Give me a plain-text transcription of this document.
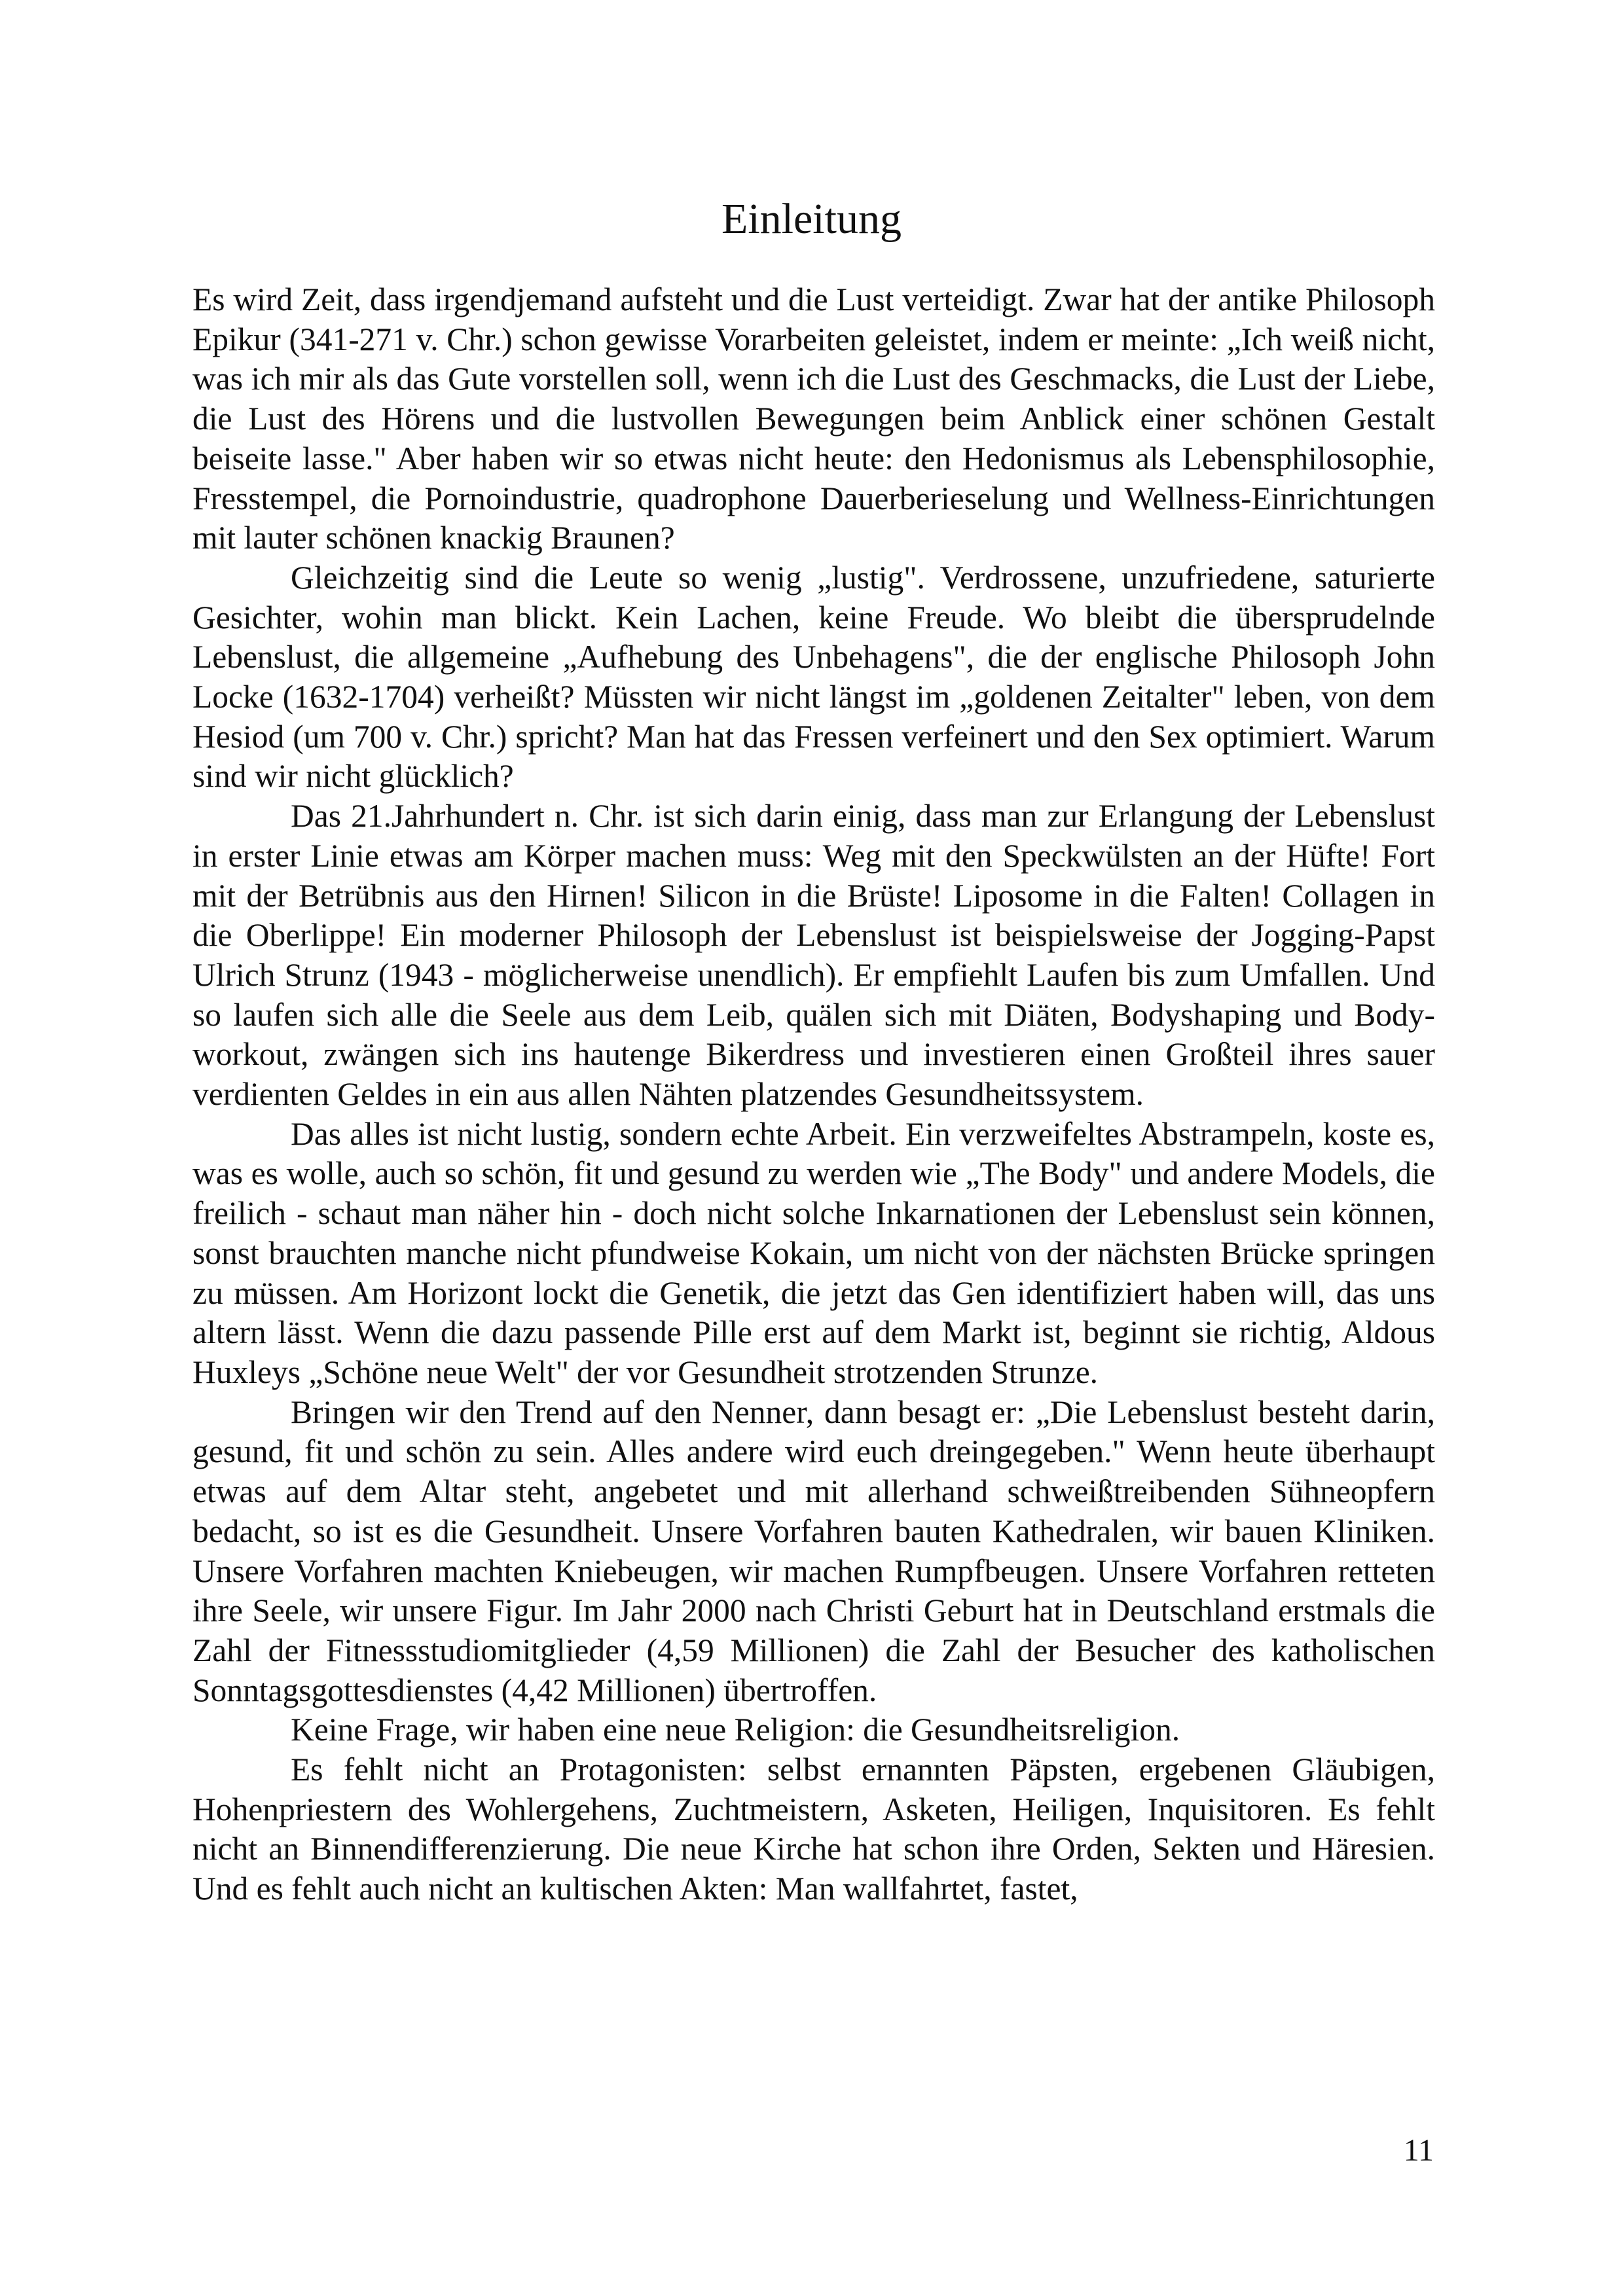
Einleitung

Es wird Zeit, dass irgendjemand aufsteht und die Lust verteidigt. Zwar hat der antike Philosoph Epikur (341-271 v. Chr.) schon gewisse Vorarbeiten geleistet, indem er meinte: „Ich weiß nicht, was ich mir als das Gute vorstellen soll, wenn ich die Lust des Geschmacks, die Lust der Liebe, die Lust des Hörens und die lustvollen Bewegungen beim Anblick einer schönen Gestalt beiseite lasse." Aber haben wir so etwas nicht heute: den Hedonismus als Lebensphilosophie, Fresstempel, die Pornoindustrie, quadrophone Dauerberieselung und Wellness-Einrichtungen mit lauter schönen knackig Braunen?

Gleichzeitig sind die Leute so wenig „lustig". Verdrossene, unzufriedene, saturierte Gesichter, wohin man blickt. Kein Lachen, keine Freude. Wo bleibt die übersprudelnde Lebenslust, die allgemeine „Aufhebung des Unbehagens", die der englische Philosoph John Locke (1632-1704) verheißt? Müssten wir nicht längst im „goldenen Zeitalter" leben, von dem Hesiod (um 700 v. Chr.) spricht? Man hat das Fressen verfeinert und den Sex optimiert. Warum sind wir nicht glücklich?

Das 21.Jahrhundert n. Chr. ist sich darin einig, dass man zur Erlangung der Lebenslust in erster Linie etwas am Körper machen muss: Weg mit den Speckwülsten an der Hüfte! Fort mit der Betrübnis aus den Hirnen! Silicon in die Brüste! Liposome in die Falten! Collagen in die Oberlippe! Ein moderner Philosoph der Lebenslust ist beispielsweise der Jogging-Papst Ulrich Strunz (1943 - möglicherweise unendlich). Er empfiehlt Laufen bis zum Umfallen. Und so laufen sich alle die Seele aus dem Leib, quälen sich mit Diäten, Bodyshaping und Body-workout, zwängen sich ins hautenge Bikerdress und investieren einen Großteil ihres sauer verdienten Geldes in ein aus allen Nähten platzendes Gesundheitssystem.

Das alles ist nicht lustig, sondern echte Arbeit. Ein verzweifeltes Abstrampeln, koste es, was es wolle, auch so schön, fit und gesund zu werden wie „The Body" und andere Models, die freilich - schaut man näher hin - doch nicht solche Inkarnationen der Lebenslust sein können, sonst brauchten manche nicht pfundweise Kokain, um nicht von der nächsten Brücke springen zu müssen. Am Horizont lockt die Genetik, die jetzt das Gen identifiziert haben will, das uns altern lässt. Wenn die dazu passende Pille erst auf dem Markt ist, beginnt sie richtig, Aldous Huxleys „Schöne neue Welt" der vor Gesundheit strotzenden Strunze.

Bringen wir den Trend auf den Nenner, dann besagt er: „Die Lebenslust besteht darin, gesund, fit und schön zu sein. Alles andere wird euch dreingegeben." Wenn heute überhaupt etwas auf dem Altar steht, angebetet und mit allerhand schweißtreibenden Sühneopfern bedacht, so ist es die Gesundheit. Unsere Vorfahren bauten Kathedralen, wir bauen Kliniken. Unsere Vorfahren machten Kniebeugen, wir machen Rumpfbeugen. Unsere Vorfahren retteten ihre Seele, wir unsere Figur. Im Jahr 2000 nach Christi Geburt hat in Deutschland erstmals die Zahl der Fitnessstudiomitglieder (4,59 Millionen) die Zahl der Besucher des katholischen Sonntagsgottesdienstes (4,42 Millionen) übertroffen.

Keine Frage, wir haben eine neue Religion: die Gesundheitsreligion.

Es fehlt nicht an Protagonisten: selbst ernannten Päpsten, ergebenen Gläubigen, Hohenpriestern des Wohlergehens, Zuchtmeistern, Asketen, Heiligen, Inquisitoren. Es fehlt nicht an Binnendifferenzierung. Die neue Kirche hat schon ihre Orden, Sekten und Häresien. Und es fehlt auch nicht an kultischen Akten: Man wallfahrtet, fastet,

11
